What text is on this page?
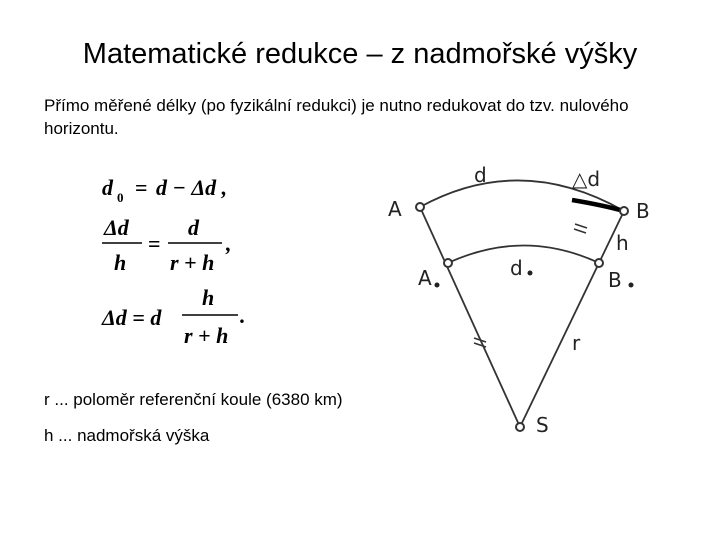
Matematické redukce – z nadmořské výšky
Přímo měřené délky (po fyzikální redukci) je nutno redukovat do tzv. nulového horizontu.
d 0 = d − Δd ,
Δd
h
=
d
r + h
,
Δd = d
h
r + h
.
r ... poloměr referenční koule (6380 km)
h ... nadmořská výška
A	B
d	△d
A	B
d
h
r
S
